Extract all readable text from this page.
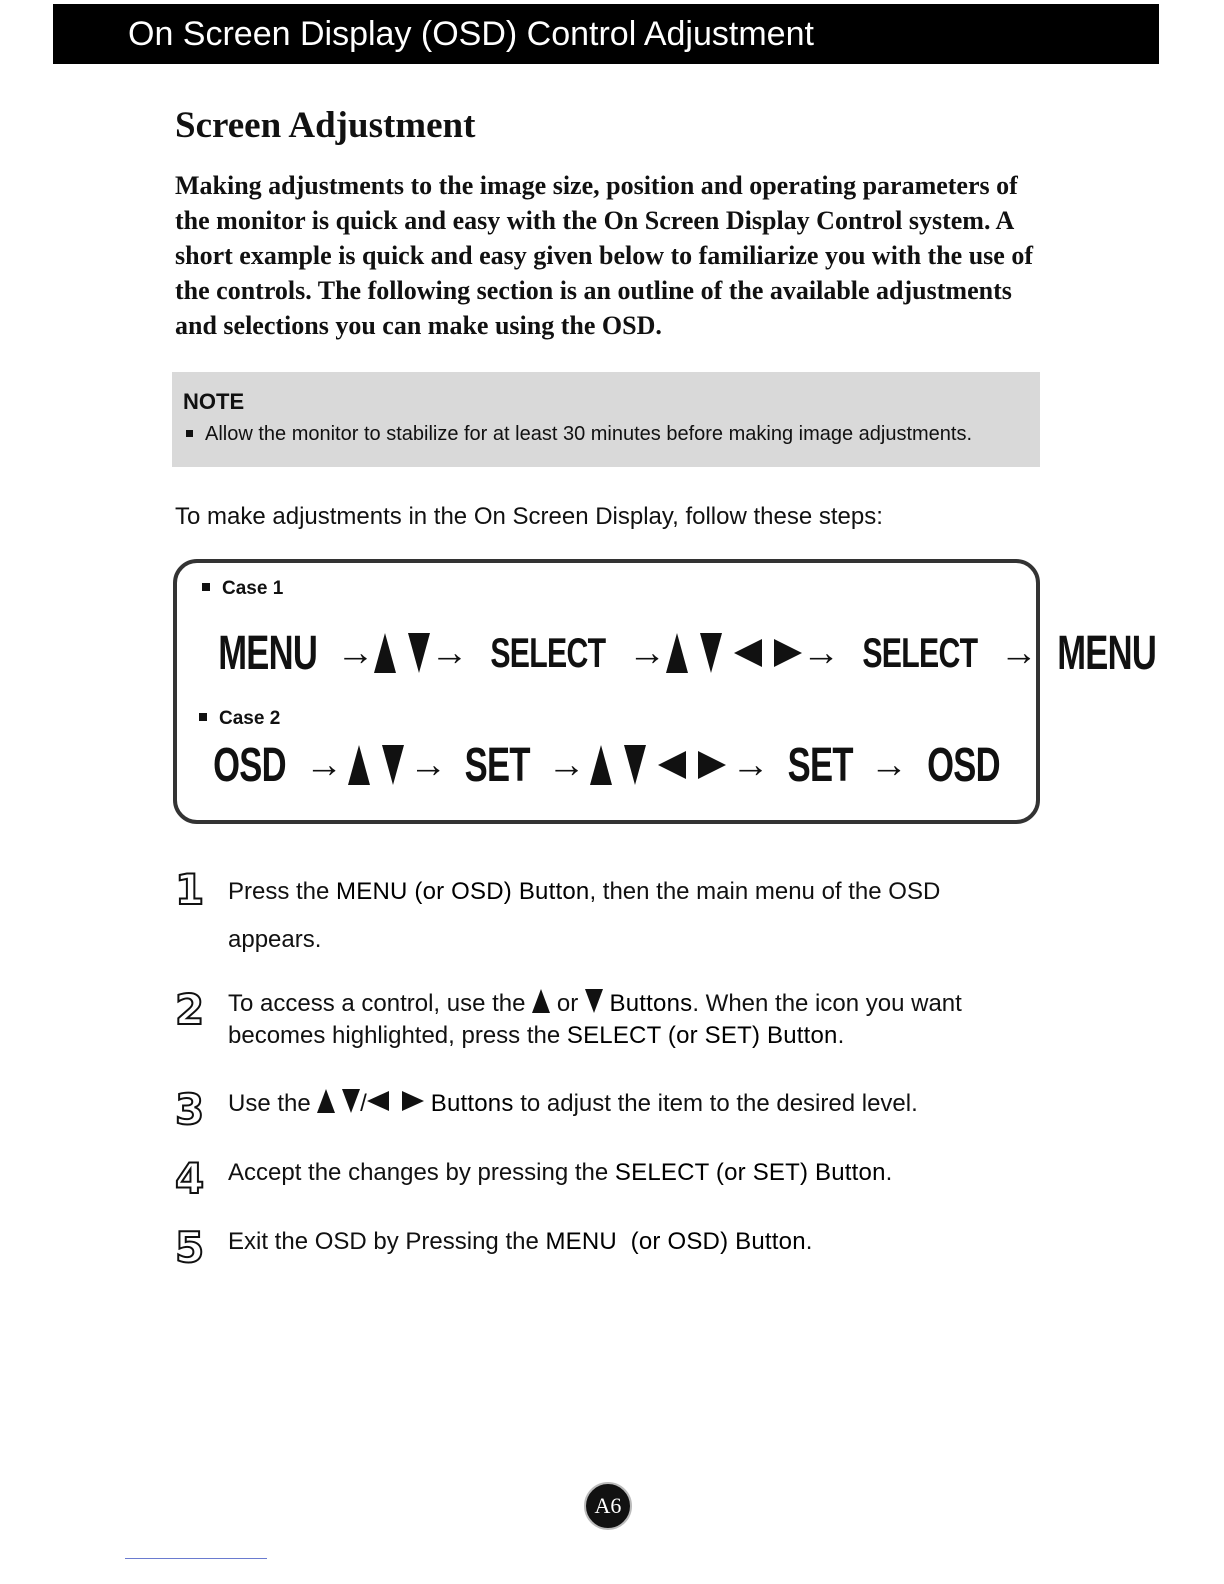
On Screen Display (OSD) Control Adjustment
Screen Adjustment
Making adjustments to the image size, position and operating parameters of the monitor is quick and easy with the On Screen Display Control system. A short example is quick and easy given below to familiarize you with the use of the controls. The following section is an outline of the available adjustments and selections you can make using the OSD.
NOTE
Allow the monitor to stabilize for at least 30 minutes before making image adjustments.
To make adjustments in the On Screen Display, follow these steps:
Case 1
MENU → → SELECT →	→ SELECT → MENU
Case 2
OSD → → SET →	→ SET → OSD
1 Press the MENU (or OSD) Button, then the main menu of the OSD appears.
2 To access a control, use the  or  Buttons. When the icon you want becomes highlighted, press the SELECT (or SET) Button.
3 Use the  /	Buttons to adjust the item to the desired level.
4 Accept the changes by pressing the SELECT (or SET) Button.
5 Exit the OSD by Pressing the MENU  (or OSD) Button.
A6
